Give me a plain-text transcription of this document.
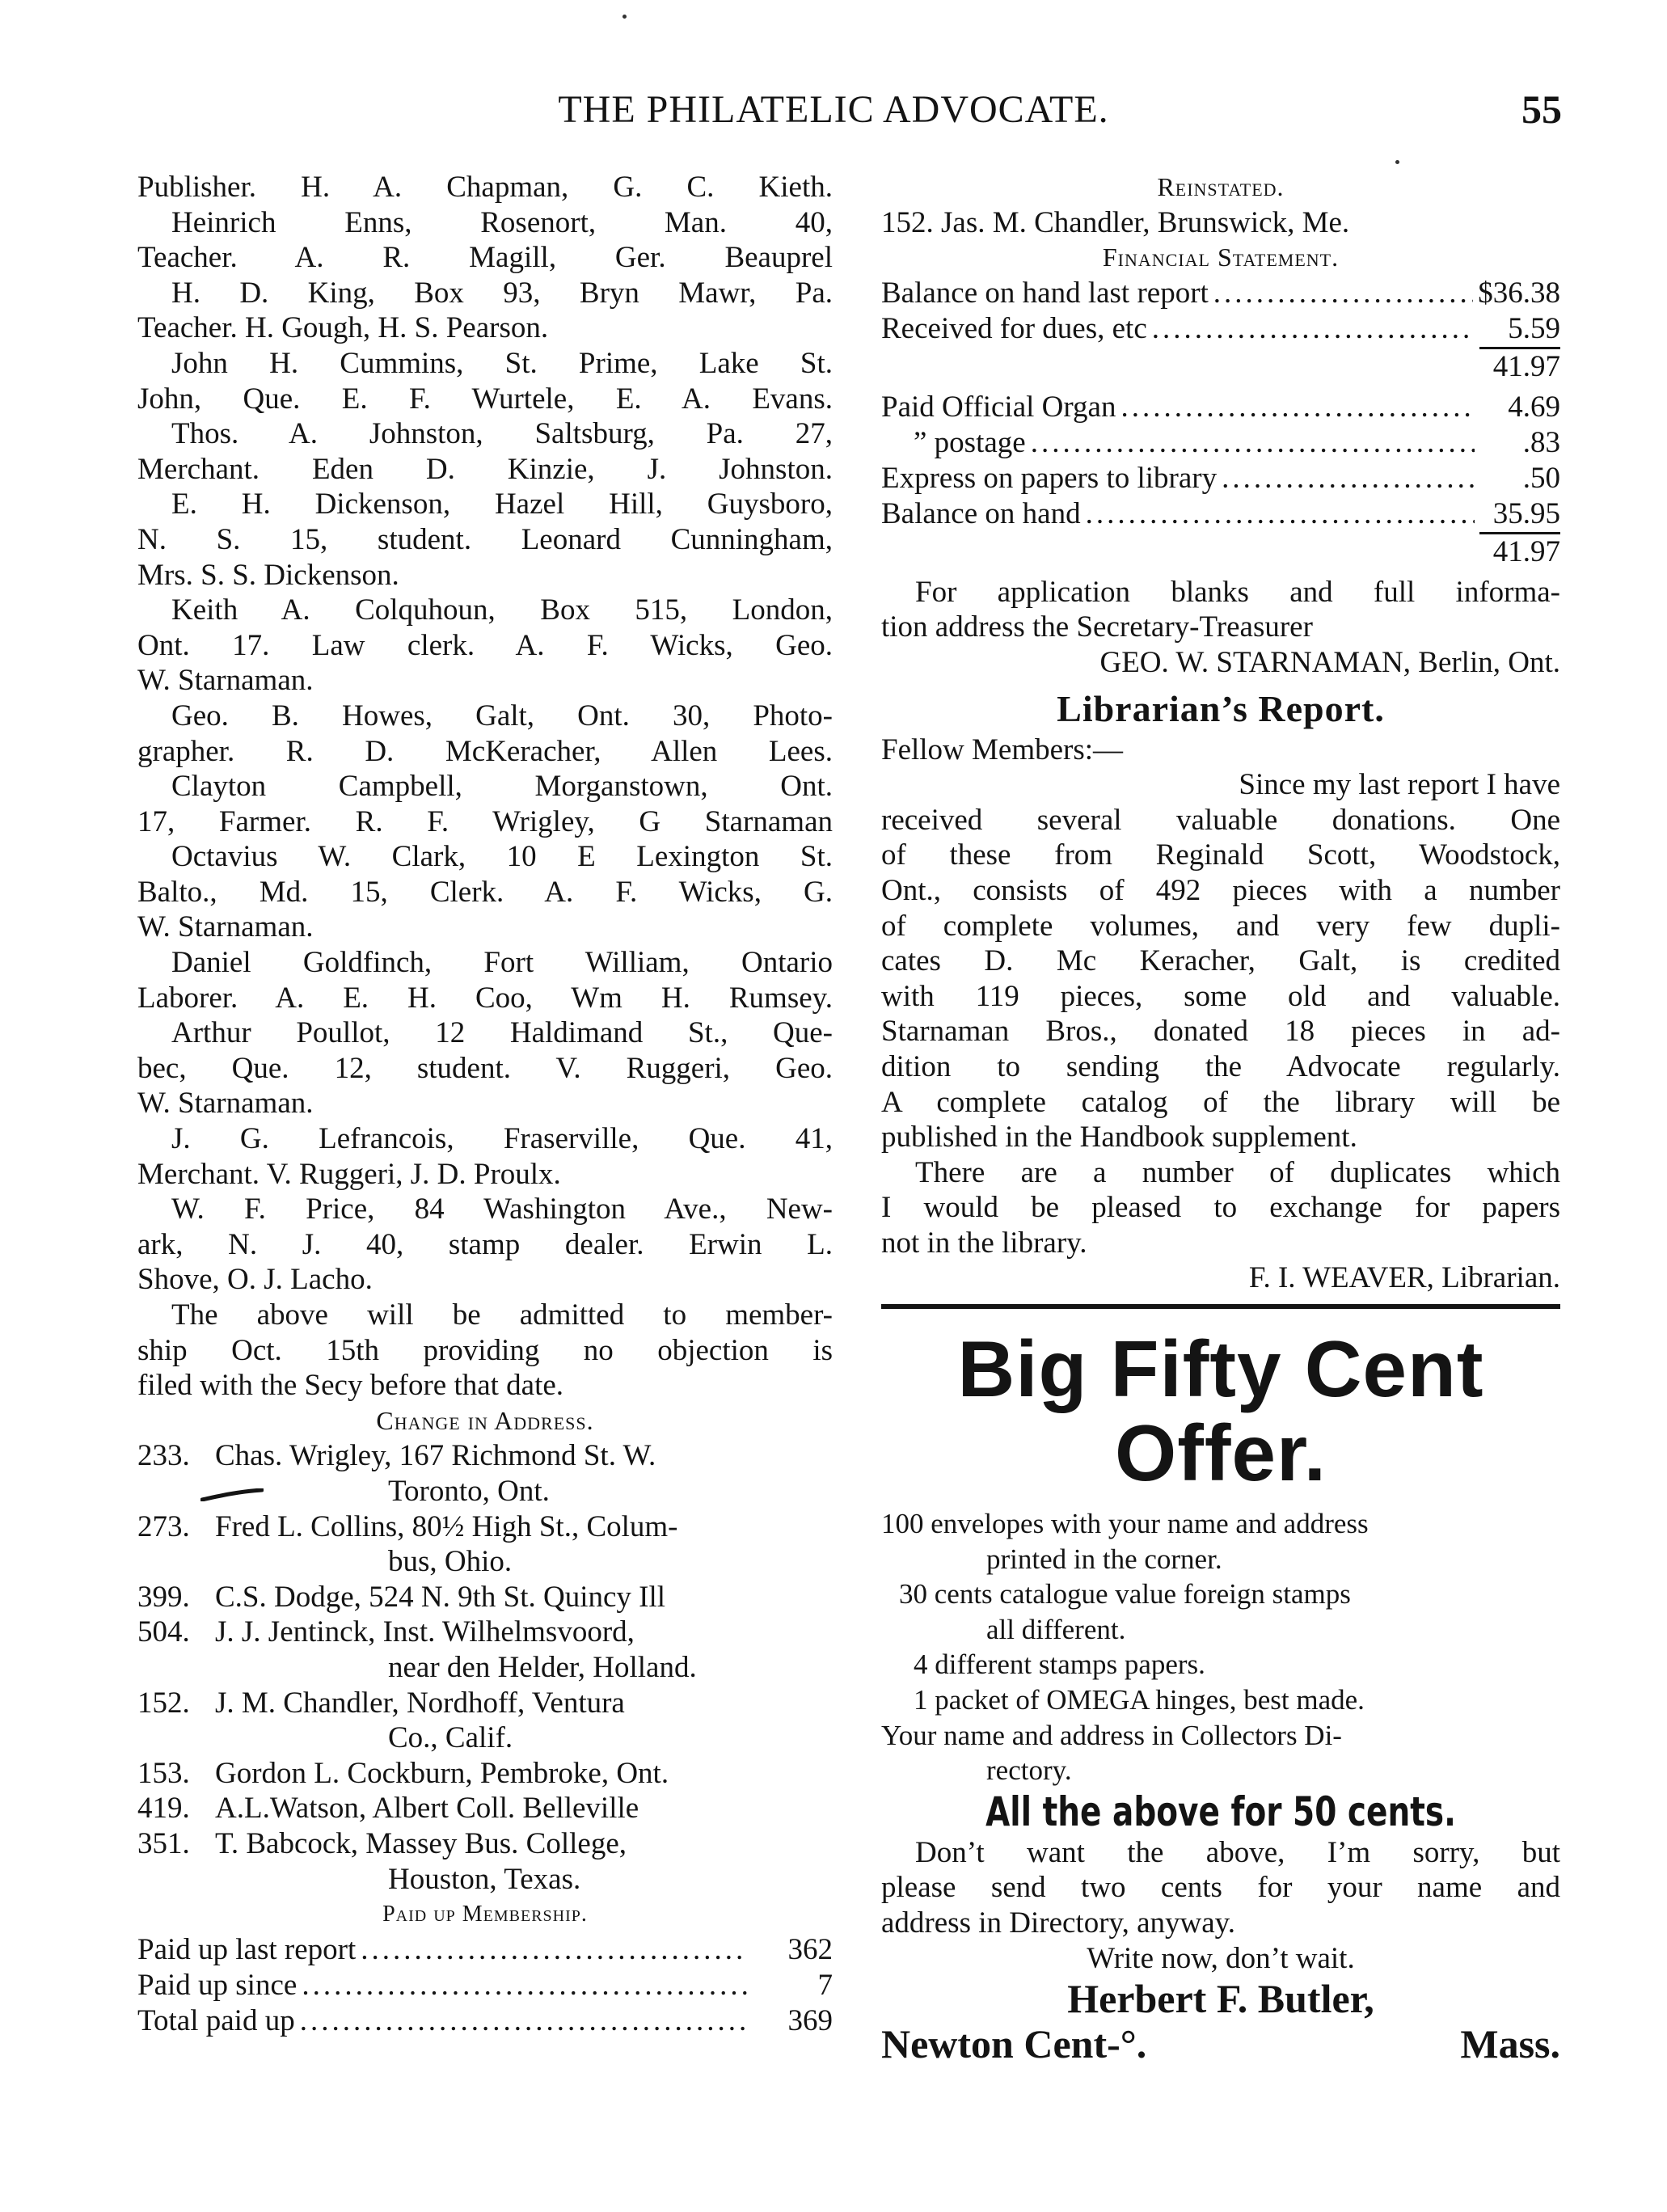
THE PHILATELIC ADVOCATE.	55
Publisher. H. A. Chapman, G. C. Kieth.
Heinrich Enns, Rosenort, Man. 40,
Teacher. A. R. Magill, Ger. Beauprel
H. D. King, Box 93, Bryn Mawr, Pa.
Teacher. H. Gough, H. S. Pearson.
John H. Cummins, St. Prime, Lake St.
John, Que. E. F. Wurtele, E. A. Evans.
Thos. A. Johnston, Saltsburg, Pa. 27,
Merchant. Eden D. Kinzie, J. Johnston.
E. H. Dickenson, Hazel Hill, Guysboro,
N. S. 15, student. Leonard Cunningham,
Mrs. S. S. Dickenson.
Keith A. Colquhoun, Box 515, London,
Ont. 17. Law clerk. A. F. Wicks, Geo.
W. Starnaman.
Geo. B. Howes, Galt, Ont. 30, Photo-
grapher. R. D. McKeracher, Allen Lees.
Clayton Campbell, Morganstown, Ont.
17, Farmer. R. F. Wrigley, G Starnaman
Octavius W. Clark, 10 E Lexington St.
Balto., Md. 15, Clerk. A. F. Wicks, G.
W. Starnaman.
Daniel Goldfinch, Fort William, Ontario
Laborer. A. E. H. Coo, Wm H. Rumsey.
Arthur Poullot, 12 Haldimand St., Que-
bec, Que. 12, student. V. Ruggeri, Geo.
W. Starnaman.
J. G. Lefrancois, Fraserville, Que. 41,
Merchant. V. Ruggeri, J. D. Proulx.
W. F. Price, 84 Washington Ave., New-
ark, N. J. 40, stamp dealer. Erwin L.
Shove, O. J. Lacho.
The above will be admitted to member-
ship Oct. 15th providing no objection is
filed with the Secy before that date.
Change in Address.
233. Chas. Wrigley, 167 Richmond St. W.
Toronto, Ont.
273. Fred L. Collins, 80½ High St., Colum-
bus, Ohio.
399. C.S. Dodge, 524 N. 9th St. Quincy Ill
504. J. J. Jentinck, Inst. Wilhelmsvoord,
near den Helder, Holland.
152. J. M. Chandler, Nordhoff, Ventura
Co., Calif.
153. Gordon L. Cockburn, Pembroke, Ont.
419. A.L.Watson, Albert Coll. Belleville
351. T. Babcock, Massey Bus. College,
Houston, Texas.
Paid up Membership.
Paid up last report .....	362
Paid up since .....	7
Total paid up .....	369
Reinstated.
152. Jas. M. Chandler, Brunswick, Me.
Financial Statement.
Balance on hand last report .....	$36.38
Received for dues, etc .....	5.59
41.97
Paid Official Organ .....	4.69
” postage .....	.83
Express on papers to library .....	.50
Balance on hand .....	35.95
41.97
For application blanks and full informa-
tion address the Secretary-Treasurer
GEO. W. STARNAMAN, Berlin, Ont.
Librarian’s Report.
Fellow Members:—
Since my last report I have
received several valuable donations. One
of these from Reginald Scott, Woodstock,
Ont., consists of 492 pieces with a number
of complete volumes, and very few dupli-
cates D. Mc Keracher, Galt, is credited
with 119 pieces, some old and valuable.
Starnaman Bros., donated 18 pieces in ad-
dition to sending the Advocate regularly.
A complete catalog of the library will be
published in the Handbook supplement.
There are a number of duplicates which
I would be pleased to exchange for papers
not in the library.
F. I. WEAVER, Librarian.
Big Fifty Cent
Offer.
100 envelopes with your name and address
printed in the corner.
30 cents catalogue value foreign stamps
all different.
4 different stamps papers.
1 packet of OMEGA hinges, best made.
Your name and address in Collectors Di-
rectory.
All the above for 50 cents.
Don’t want the above, I’m sorry, but
please send two cents for your name and
address in Directory, anyway.
Write now, don’t wait.
Herbert F. Butler,
Newton Cent‐°.	Mass.
